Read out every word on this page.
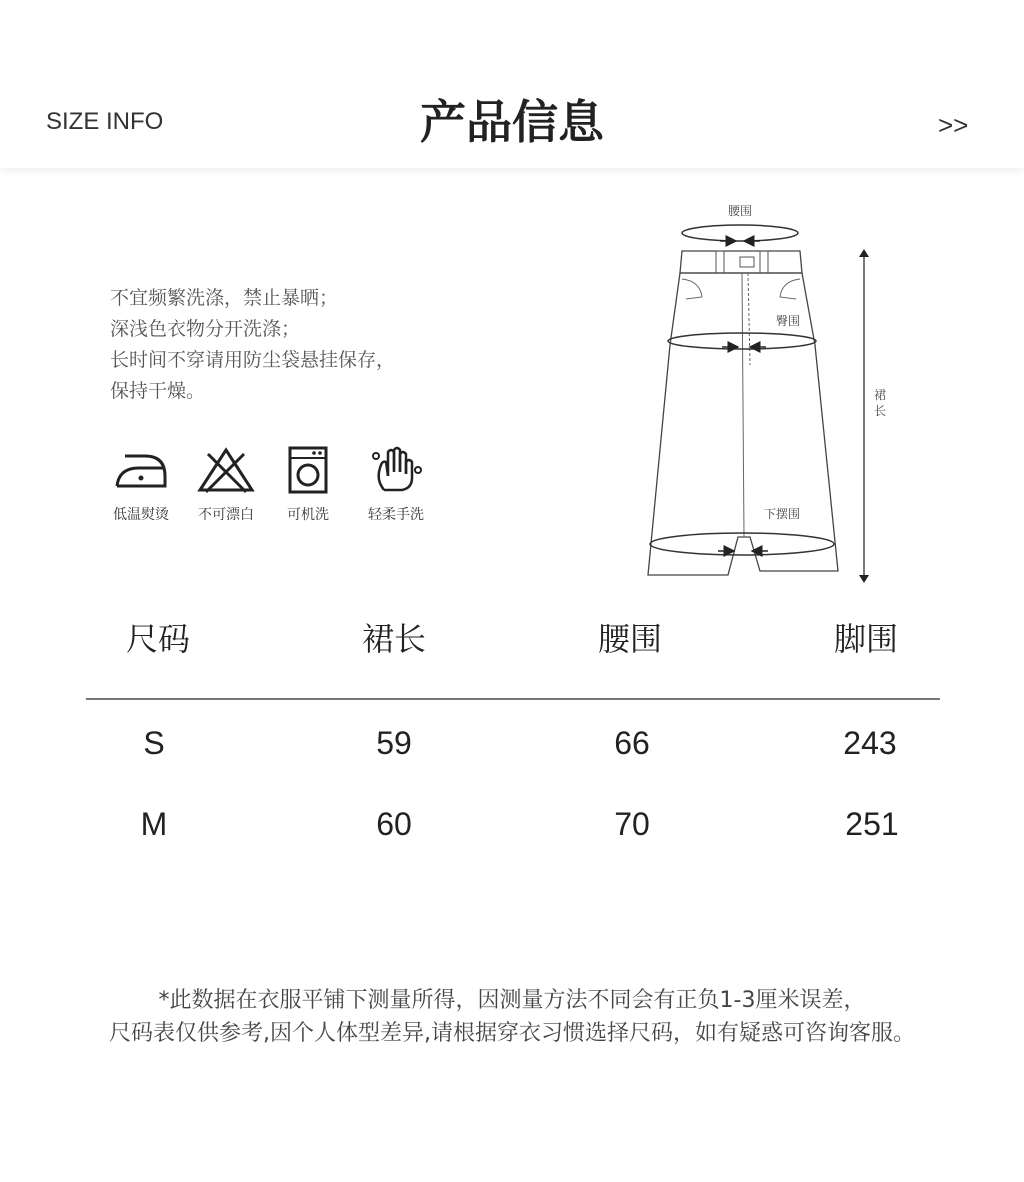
SIZE INFO	产品信息	>>
不宜频繁洗涤，禁止暴晒；
深浅色衣物分开洗涤；
长时间不穿请用防尘袋悬挂保存，
保持干燥。
低温熨烫	不可漂白	可机洗	轻柔手洗
腰围
臀围
下摆围
裙
长
尺码	裙长	腰围	脚围
S	59	66	243
M	60	70	251
*此数据在衣服平铺下测量所得，因测量方法不同会有正负1-3厘米误差，
尺码表仅供参考,因个人体型差异,请根据穿衣习惯选择尺码，如有疑惑可咨询客服。
